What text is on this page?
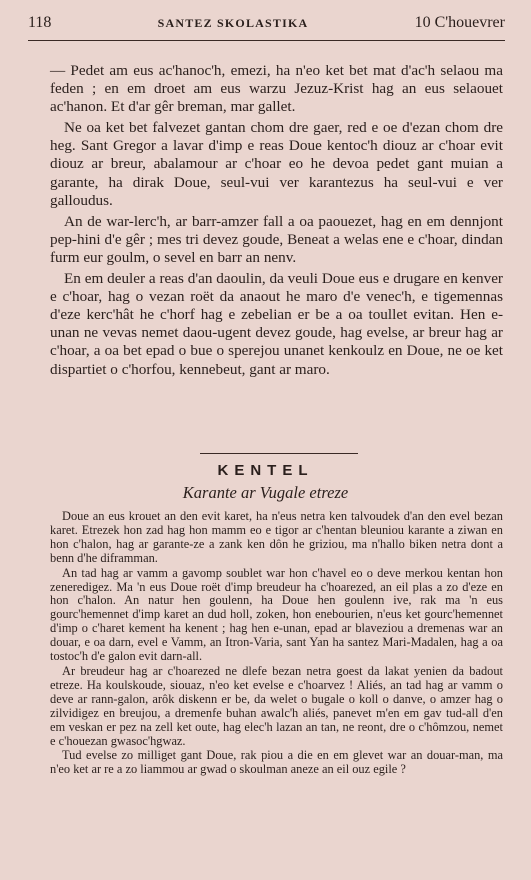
118	SANTEZ SKOLASTIKA	10 C'houevrer

— Pedet am eus ac'hanoc'h, emezi, ha n'eo ket bet mat d'ac'h selaou ma feden ; en em droet am eus warzu Jezuz-Krist hag an eus selaouet ac'hanon. Et d'ar gêr breman, mar gallet.

Ne oa ket bet falvezet gantan chom dre gaer, red e oe d'ezan chom dre heg. Sant Gregor a lavar d'imp e reas Doue kentoc'h diouz ar c'hoar evit diouz ar breur, abalamour ar c'hoar eo he devoa pedet gant muian a garante, ha dirak Doue, seul-vui ver karantezus ha seul-vui e ver galloudus.

An de war-lerc'h, ar barr-amzer fall a oa paouezet, hag en em dennjont pep-hini d'e gêr ; mes tri devez goude, Beneat a welas ene e c'hoar, dindan furm eur goulm, o sevel en barr an nenv.

En em deuler a reas d'an daoulin, da veuli Doue eus e drugare en kenver e c'hoar, hag o vezan roët da anaout he maro d'e venec'h, e tigemennas d'eze kerc'hât he c'horf hag e zebelian er be a oa toullet evitan. Hen e-unan ne vevas nemet daou-ugent devez goude, hag evelse, ar breur hag ar c'hoar, a oa bet epad o bue o sperejou unanet kenkoulz en Doue, ne oe ket dispartiet o c'horfou, kennebeut, gant ar maro.

KENTEL
Karante ar Vugale etreze

Doue an eus krouet an den evit karet, ha n'eus netra ken talvoudek d'an den evel bezan karet. Etrezek hon zad hag hon mamm eo e tigor ar c'hentan bleuniou karante a ziwan en hon c'halon, hag ar garante-ze a zank ken dôn he griziou, ma n'hallo biken netra dont a benn d'he diframman.

An tad hag ar vamm a gavomp soublet war hon c'havel eo o deve merkou kentan hon zeneredigez. Ma 'n eus Doue roët d'imp breudeur ha c'hoarezed, an eil plas a zo d'eze en hon c'halon. An natur hen goulenn, ha Doue hen goulenn ive, rak ma 'n eus gourc'hemennet d'imp karet an dud holl, zoken, hon enebourien, n'eus ket gourc'hemennet d'imp o c'haret kement ha kenent ; hag hen e-unan, epad ar blaveziou a dremenas war an douar, e oa darn, evel e Vamm, an Itron-Varia, sant Yan ha santez Mari-Madalen, hag a oa tostoc'h d'e galon evit darn-all.

Ar breudeur hag ar c'hoarezed ne dlefe bezan netra goest da lakat yenien da badout etreze. Ha koulskoude, siouaz, n'eo ket evelse e c'hoarvez ! Aliés, an tad hag ar vamm o deve ar rann-galon, arôk diskenn er be, da welet o bugale o koll o danve, o amzer hag o zilvidigez en breujou, a dremenfe buhan awalc'h aliés, panevet m'en em gav tud-all d'en em veskan er pez na zell ket oute, hag elec'h lazan an tan, ne reont, dre o c'hômzou, nemet e c'houezan gwasoc'hgwaz.

Tud evelse zo milliget gant Doue, rak piou a die en em glevet war an douar-man, ma n'eo ket ar re a zo liammou ar gwad o skoulman aneze an eil ouz egile ?
